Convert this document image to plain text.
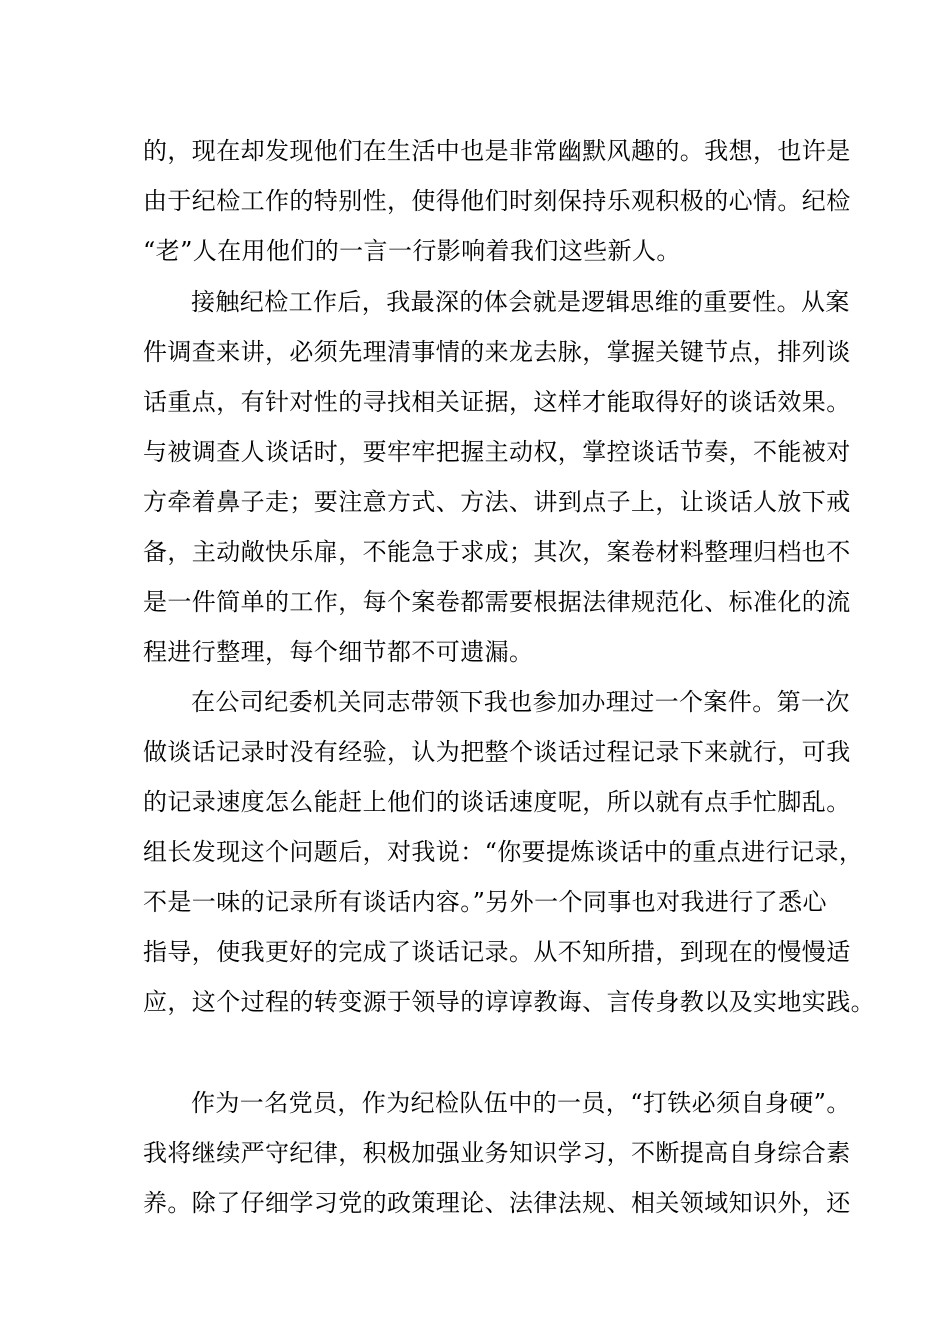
的，现在却发现他们在生活中也是非常幽默风趣的。我想，也许是
由于纪检工作的特别性，使得他们时刻保持乐观积极的心情。纪检
“老”人在用他们的一言一行影响着我们这些新人。
接触纪检工作后，我最深的体会就是逻辑思维的重要性。从案
件调查来讲，必须先理清事情的来龙去脉，掌握关键节点，排列谈
话重点，有针对性的寻找相关证据，这样才能取得好的谈话效果。
与被调查人谈话时，要牢牢把握主动权，掌控谈话节奏，不能被对
方牵着鼻子走；要注意方式、方法、讲到点子上，让谈话人放下戒
备，主动敞快乐扉，不能急于求成；其次，案卷材料整理归档也不
是一件简单的工作，每个案卷都需要根据法律规范化、标准化的流
程进行整理，每个细节都不可遗漏。
在公司纪委机关同志带领下我也参加办理过一个案件。第一次
做谈话记录时没有经验，认为把整个谈话过程记录下来就行，可我
的记录速度怎么能赶上他们的谈话速度呢，所以就有点手忙脚乱。
组长发现这个问题后，对我说：“你要提炼谈话中的重点进行记录，
不是一味的记录所有谈话内容。”另外一个同事也对我进行了悉心
指导，使我更好的完成了谈话记录。从不知所措，到现在的慢慢适
应，这个过程的转变源于领导的谆谆教诲、言传身教以及实地实践。
作为一名党员，作为纪检队伍中的一员，“打铁必须自身硬”。
我将继续严守纪律，积极加强业务知识学习，不断提高自身综合素
养。除了仔细学习党的政策理论、法律法规、相关领域知识外，还
